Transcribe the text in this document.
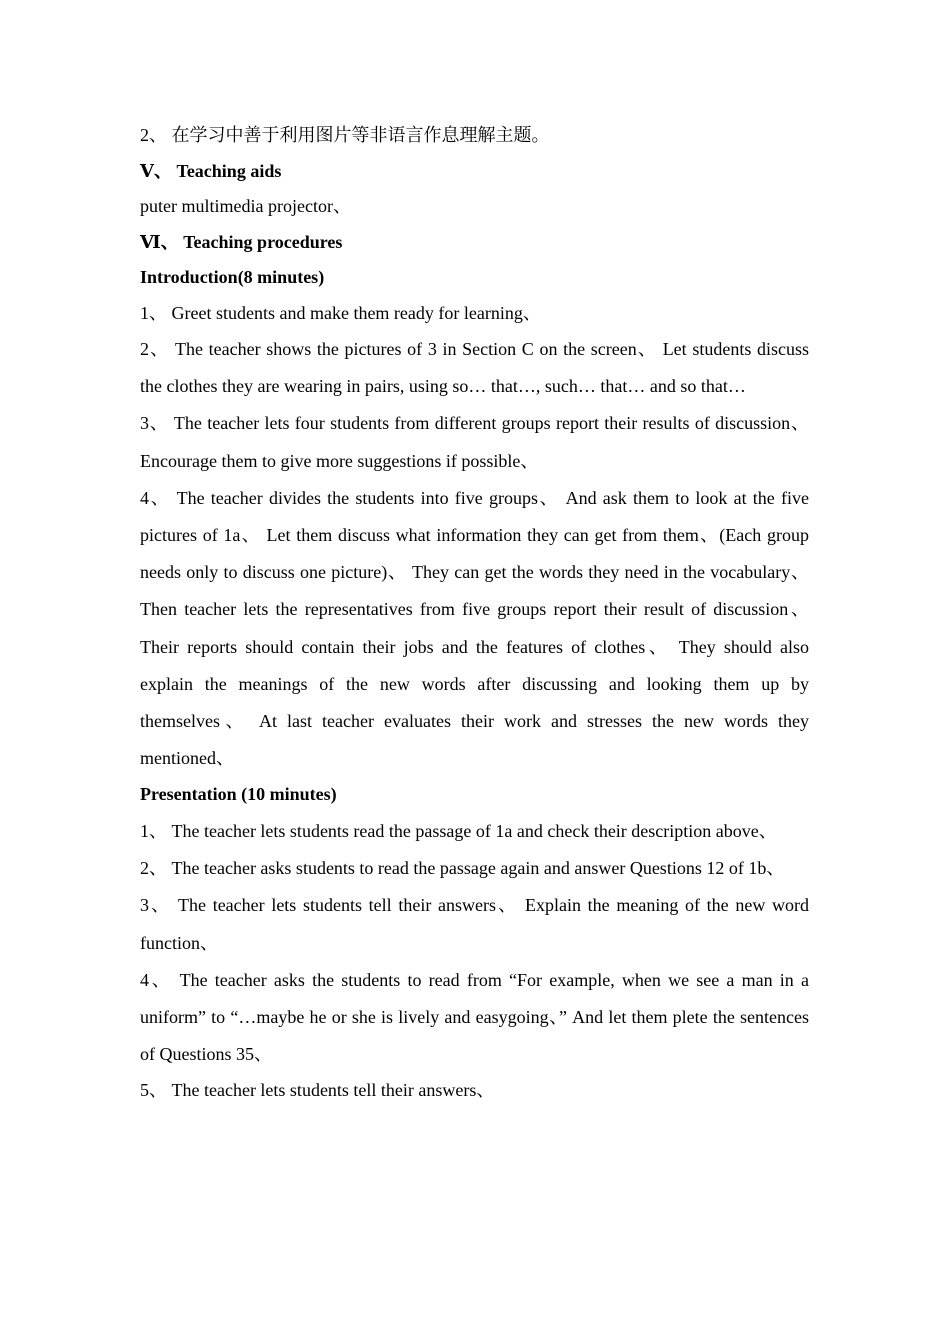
2、 在学习中善于利用图片等非语言作息理解主题。

Ⅴ、 Teaching aids

puter multimedia projector、

Ⅵ、 Teaching procedures

Introduction(8 minutes)

1、 Greet students and make them ready for learning、

2、 The teacher shows the pictures of 3 in Section C on the screen、 Let students discuss the clothes they are wearing in pairs, using so… that…, such… that… and so that…

3、 The teacher lets four students from different groups report their results of discussion、 Encourage them to give more suggestions if possible、

4、 The teacher divides the students into five groups、 And ask them to look at the five pictures of 1a、 Let them discuss what information they can get from them、(Each group needs only to discuss one picture)、 They can get the words they need in the vocabulary、 Then teacher lets the representatives from five groups report their result of discussion、 Their reports should contain their jobs and the features of clothes、 They should also explain the meanings of the new words after discussing and looking them up by themselves、 At last teacher evaluates their work and stresses the new words they mentioned、

Presentation (10 minutes)

1、 The teacher lets students read the passage of 1a and check their description above、

2、 The teacher asks students to read the passage again and answer Questions 12 of 1b、

3、 The teacher lets students tell their answers、 Explain the meaning of the new word function、

4、 The teacher asks the students to read from “For example, when we see a man in a uniform” to “…maybe he or she is lively and easygoing、” And let them plete the sentences of Questions 35、

5、 The teacher lets students tell their answers、
